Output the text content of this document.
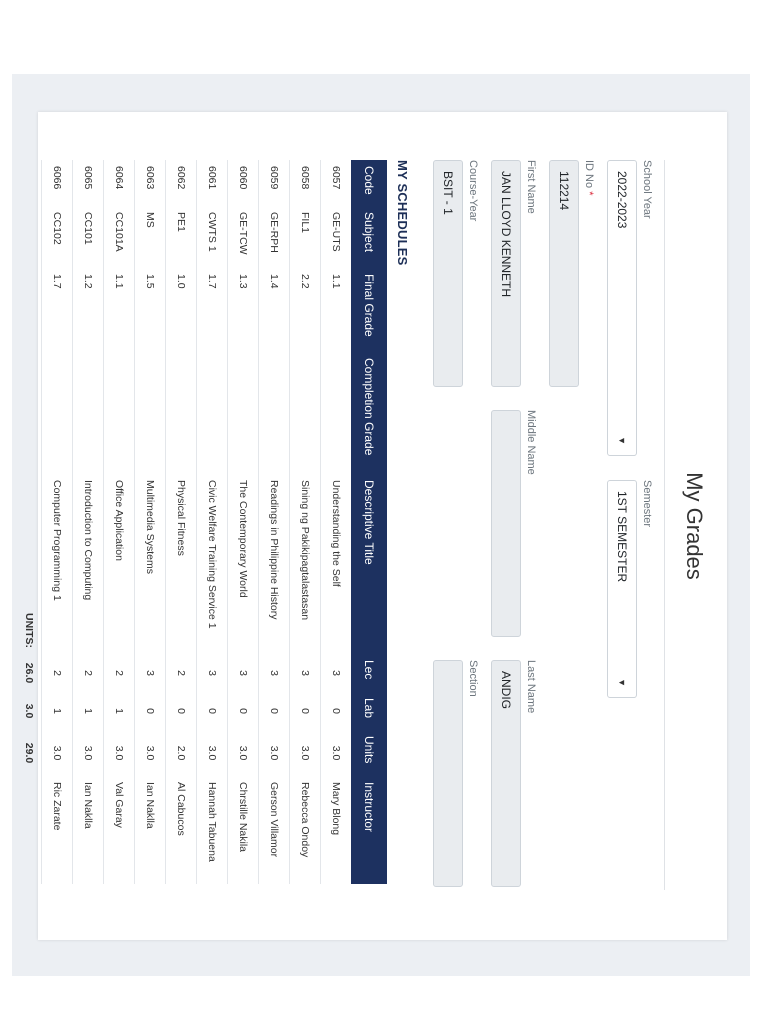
My Grades
School Year
2022-2023
▼
Semester
1ST SEMESTER
▼
ID No *
112214
First Name
JAN LLOYD KENNETH
Middle Name
Last Name
ANDIG
Course-Year
BSIT - 1
Section
MY SCHEDULES
Code	Subject	Final Grade	Completion Grade	Descriptive Title	Lec	Lab	Units	Instructor
6057	GE-UTS	1.1		Understanding the Self	3	0	3.0	Mary Blong
6058	FIL1	2.2		Sining ng Pakikipagtalastasan	3	0	3.0	Rebecca Ondoy
6059	GE-RPH	1.4		Readings in Philippine History	3	0	3.0	Gerson Villamor
6060	GE-TCW	1.3		The Contemporary World	3	0	3.0	Chrstille Nakila
6061	CWTS 1	1.7		Civic Welfare Training Service 1	3	0	3.0	Hannah Tabuena
6062	PE1	1.0		Physical Fitness	2	0	2.0	Al Cabucos
6063	MS	1.5		Multimedia Systems	3	0	3.0	Ian Naklla
6064	CC101A	1.1		Office Application	2	1	3.0	Val Garay
6065	CC101	1.2		Introduction to Computing	2	1	3.0	Ian Naklla
6066	CC102	1.7		Computer Programming 1	2	1	3.0	Ric Zarate
UNITS:					26.0	3.0	29.0	
